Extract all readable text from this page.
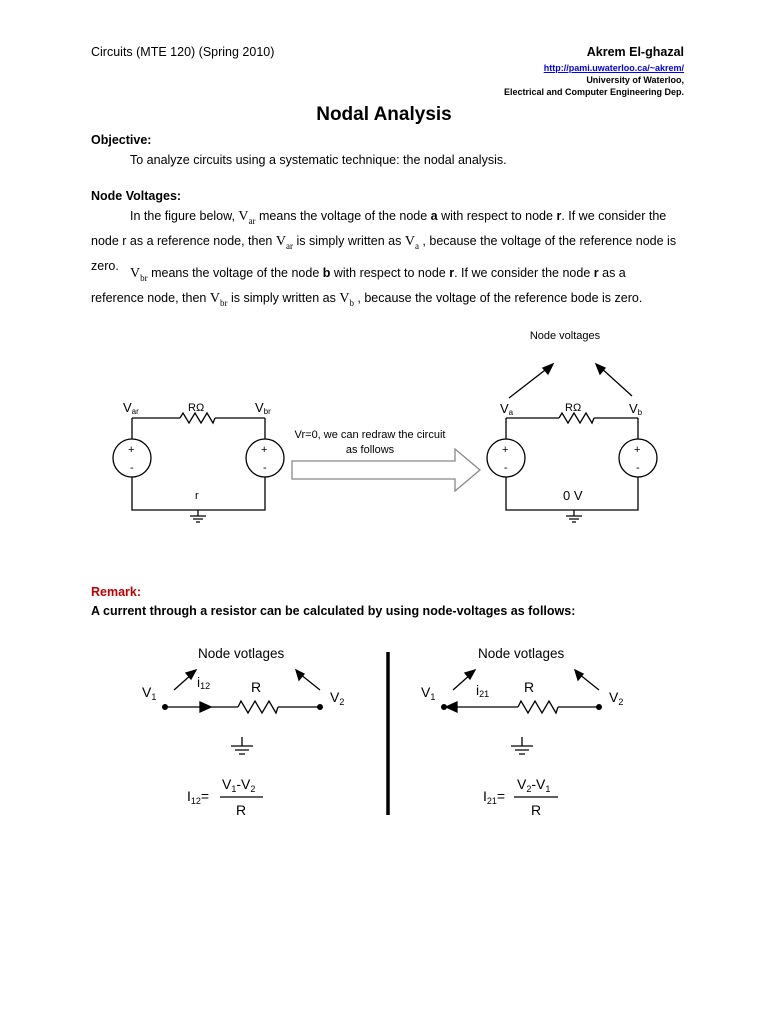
Circuits (MTE 120) (Spring 2010)	Akrem El-ghazal
http://pami.uwaterloo.ca/~akrem/
University of Waterloo,
Electrical and Computer Engineering Dep.
Nodal Analysis
Objective:
To analyze circuits using a systematic technique: the nodal analysis.
Node Voltages:
In the figure below, $V_{ar}$ means the voltage of the node a with respect to node r. If we consider the node r as a reference node, then $V_{ar}$ is simply written as $V_a$ , because the voltage of the reference node is zero.
$V_{br}$ means the voltage of the node b with respect to node r. If we consider the node r as a reference node, then $V_{br}$ is simply written as $V_b$ , because the voltage of the reference bode is zero.
Remark:
A current through a resistor can be calculated by using node-voltages as follows:
Var	RΩ	Vbr
+
-
+
-
r
Vr=0, we can redraw the circuit
as follows
Node voltages
Va	RΩ	Vb
+
-
+
-
0 V
Node votlages
$V_1$
i12	R
$V_2$
$I_{12}=$
$V_1-V_2$
R
Node votlages
$V_1$	i21 R
$V_2$
$I_{21}=$
$V_2-V_1$
R
